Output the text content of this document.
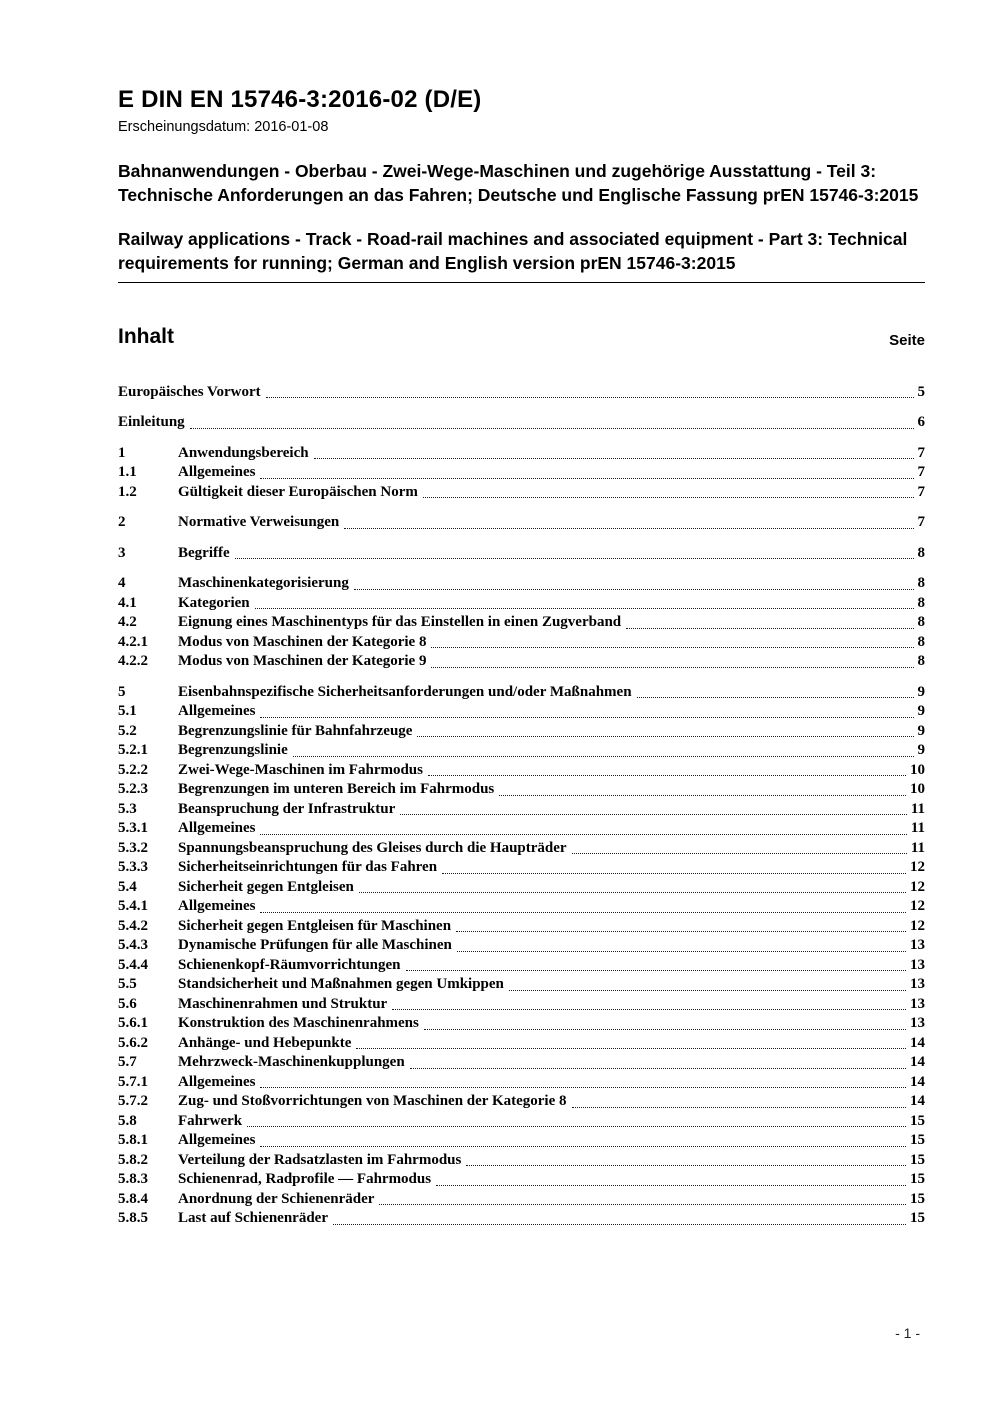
E DIN EN 15746-3:2016-02 (D/E)
Erscheinungsdatum: 2016-01-08
Bahnanwendungen - Oberbau - Zwei-Wege-Maschinen und zugehörige Ausstattung - Teil 3: Technische Anforderungen an das Fahren; Deutsche und Englische Fassung prEN 15746-3:2015
Railway applications - Track - Road-rail machines and associated equipment - Part 3: Technical requirements for running; German and English version prEN 15746-3:2015
Inhalt	Seite
Europäisches Vorwort	5
Einleitung	6
1	Anwendungsbereich	7
1.1	Allgemeines	7
1.2	Gültigkeit dieser Europäischen Norm	7
2	Normative Verweisungen	7
3	Begriffe	8
4	Maschinenkategorisierung	8
4.1	Kategorien	8
4.2	Eignung eines Maschinentyps für das Einstellen in einen Zugverband	8
4.2.1	Modus von Maschinen der Kategorie 8	8
4.2.2	Modus von Maschinen der Kategorie 9	8
5	Eisenbahnspezifische Sicherheitsanforderungen und/oder Maßnahmen	9
5.1	Allgemeines	9
5.2	Begrenzungslinie für Bahnfahrzeuge	9
5.2.1	Begrenzungslinie	9
5.2.2	Zwei-Wege-Maschinen im Fahrmodus	10
5.2.3	Begrenzungen im unteren Bereich im Fahrmodus	10
5.3	Beanspruchung der Infrastruktur	11
5.3.1	Allgemeines	11
5.3.2	Spannungsbeanspruchung des Gleises durch die Haupträder	11
5.3.3	Sicherheitseinrichtungen für das Fahren	12
5.4	Sicherheit gegen Entgleisen	12
5.4.1	Allgemeines	12
5.4.2	Sicherheit gegen Entgleisen für Maschinen	12
5.4.3	Dynamische Prüfungen für alle Maschinen	13
5.4.4	Schienenkopf-Räumvorrichtungen	13
5.5	Standsicherheit und Maßnahmen gegen Umkippen	13
5.6	Maschinenrahmen und Struktur	13
5.6.1	Konstruktion des Maschinenrahmens	13
5.6.2	Anhänge- und Hebepunkte	14
5.7	Mehrzweck-Maschinenkupplungen	14
5.7.1	Allgemeines	14
5.7.2	Zug- und Stoßvorrichtungen von Maschinen der Kategorie 8	14
5.8	Fahrwerk	15
5.8.1	Allgemeines	15
5.8.2	Verteilung der Radsatzlasten im Fahrmodus	15
5.8.3	Schienenrad, Radprofile — Fahrmodus	15
5.8.4	Anordnung der Schienenräder	15
5.8.5	Last auf Schienenräder	15
- 1 -
